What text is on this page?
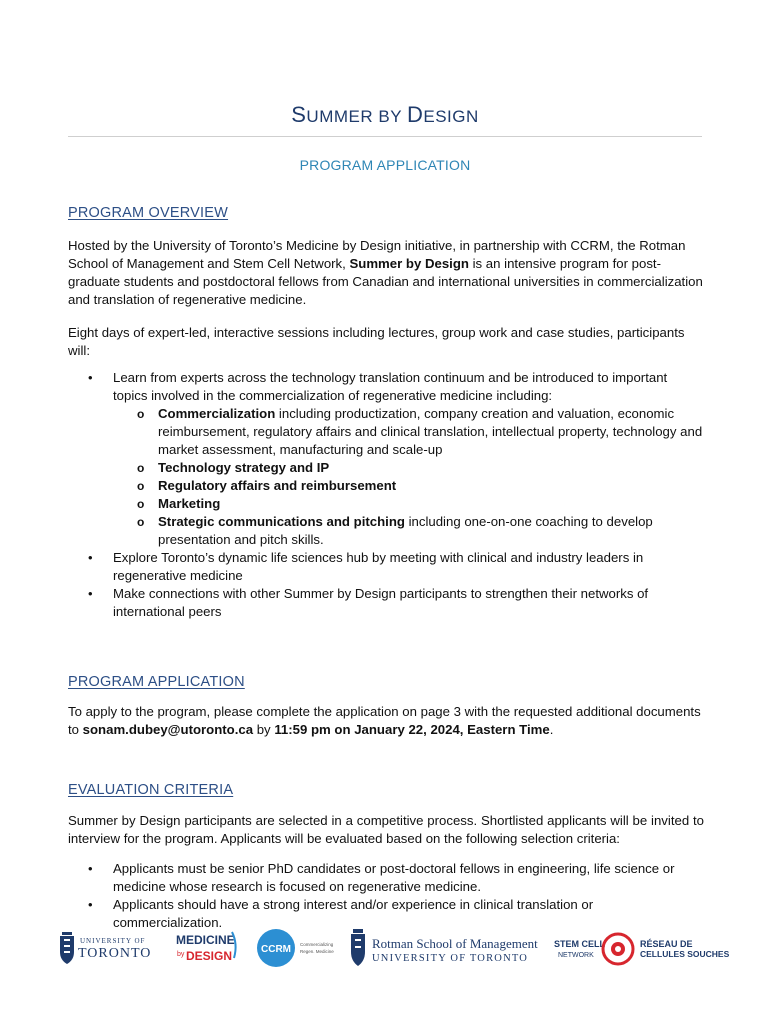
SUMMER BY DESIGN
PROGRAM APPLICATION
PROGRAM OVERVIEW
Hosted by the University of Toronto’s Medicine by Design initiative, in partnership with CCRM, the Rotman School of Management and Stem Cell Network, Summer by Design is an intensive program for post-graduate students and postdoctoral fellows from Canadian and international universities in commercialization and translation of regenerative medicine.
Eight days of expert-led, interactive sessions including lectures, group work and case studies, participants will:
• Learn from experts across the technology translation continuum and be introduced to important topics involved in the commercialization of regenerative medicine including:
o Commercialization including productization, company creation and valuation, economic reimbursement, regulatory affairs and clinical translation, intellectual property, technology and market assessment, manufacturing and scale-up
o Technology strategy and IP
o Regulatory affairs and reimbursement
o Marketing
o Strategic communications and pitching including one-on-one coaching to develop presentation and pitch skills.
• Explore Toronto’s dynamic life sciences hub by meeting with clinical and industry leaders in regenerative medicine
• Make connections with other Summer by Design participants to strengthen their networks of international peers
PROGRAM APPLICATION
To apply to the program, please complete the application on page 3 with the requested additional documents to sonam.dubey@utoronto.ca by 11:59 pm on January 22, 2024, Eastern Time.
EVALUATION CRITERIA
Summer by Design participants are selected in a competitive process. Shortlisted applicants will be invited to interview for the program. Applicants will be evaluated based on the following selection criteria:
• Applicants must be senior PhD candidates or post-doctoral fellows in engineering, life science or medicine whose research is focused on regenerative medicine.
• Applicants should have a strong interest and/or experience in clinical translation or commercialization.
UNIVERSITY OF
TORONTO
MEDICINE
by DESIGN	CCRM Commercializing
Regen. Medicine
Rotman School of Management
UNIVERSITY OF TORONTO
STEM CELL
NETWORK
RÉSEAU DE
CELLULES SOUCHES
